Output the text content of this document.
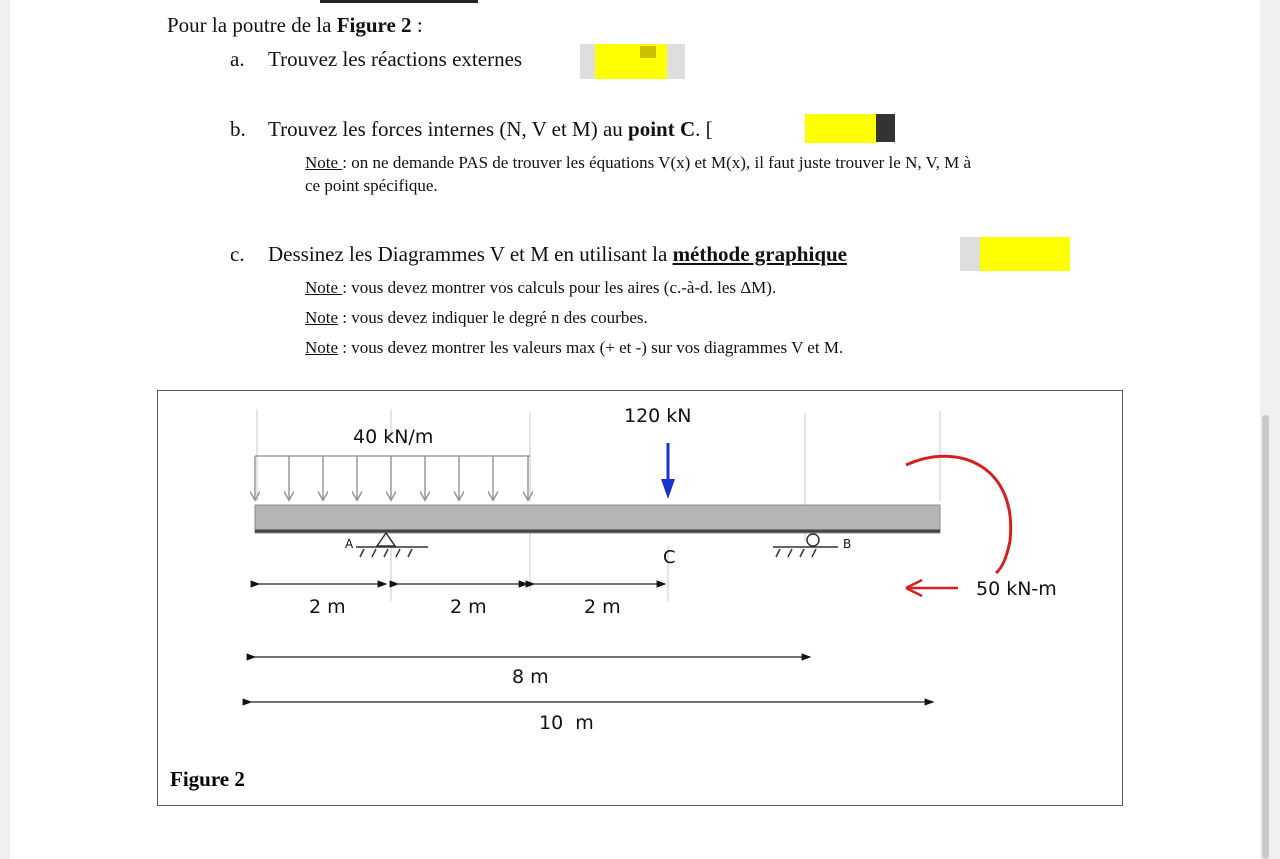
Pour la poutre de la Figure 2 :
a. Trouvez les réactions externes
b. Trouvez les forces internes (N, V et M) au point C. [
Note : on ne demande PAS de trouver les équations V(x) et M(x), il faut juste trouver le N, V, M à
ce point spécifique.
c. Dessinez les Diagrammes V et M en utilisant la méthode graphique
Note : vous devez montrer vos calculs pour les aires (c.-à-d. les ΔM).
Note : vous devez indiquer le degré n des courbes.
Note : vous devez montrer les valeurs max (+ et -) sur vos diagrammes V et M.
40 kN/m
120 kN
A
C
B
50 kN-m
2 m	2 m	2 m
8 m
10  m
Figure 2
